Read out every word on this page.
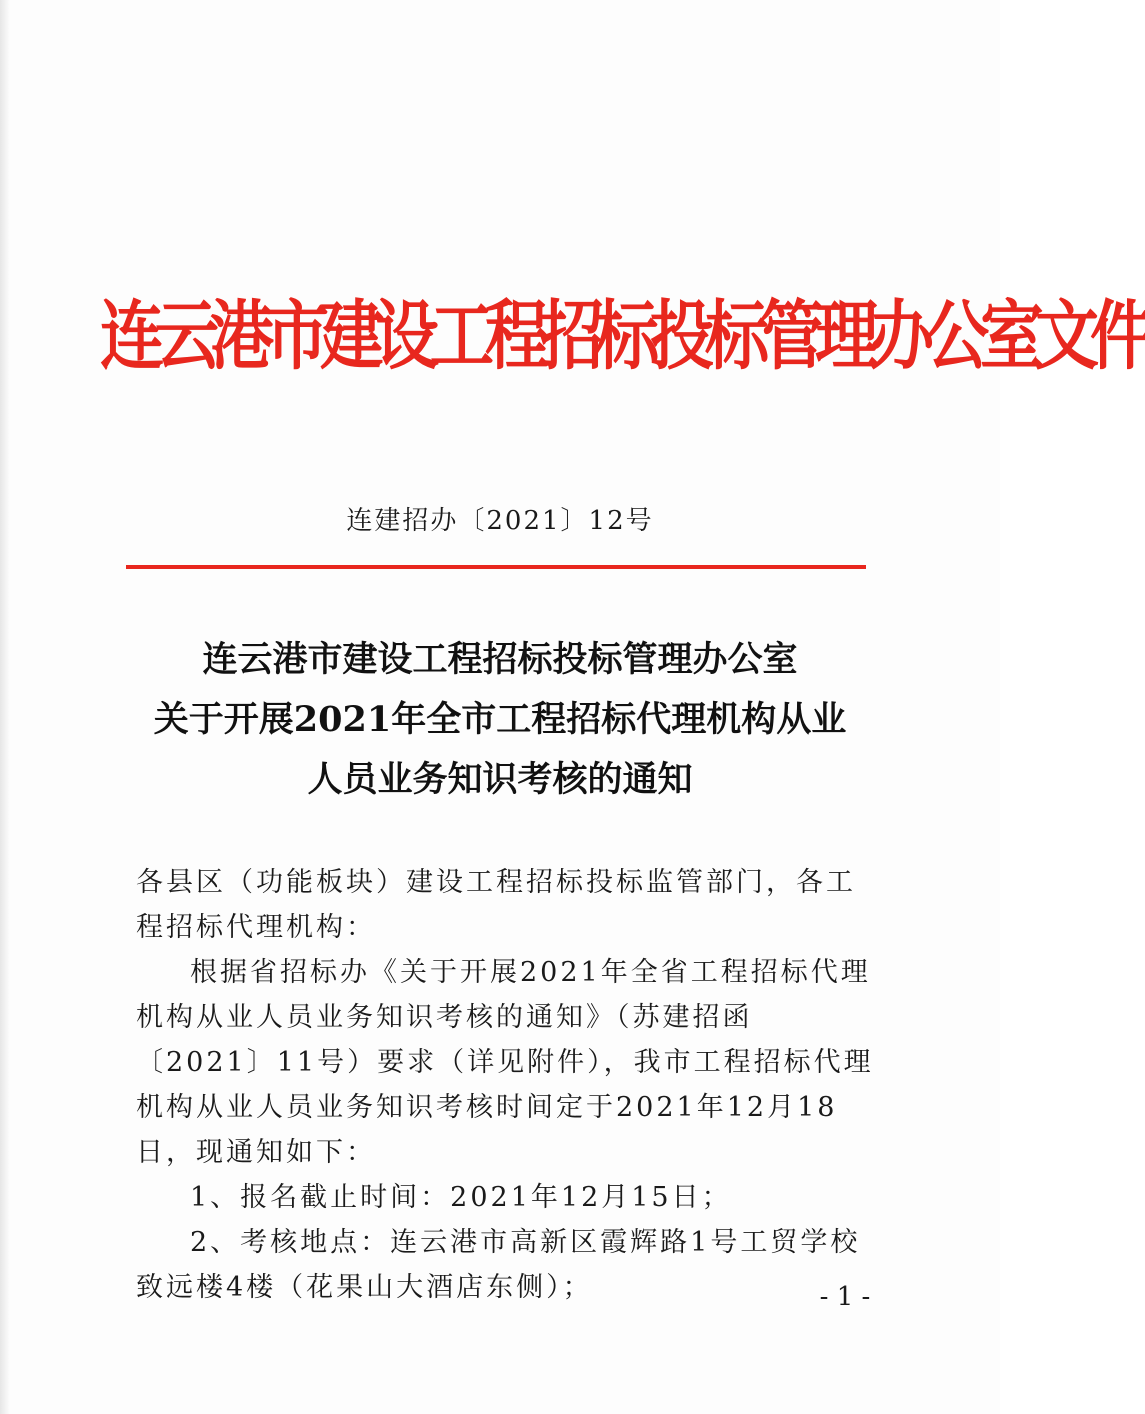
连云港市建设工程招标投标管理办公室文件
连建招办〔2021〕12号
连云港市建设工程招标投标管理办公室
关于开展2021年全市工程招标代理机构从业
人员业务知识考核的通知

各县区（功能板块）建设工程招标投标监管部门，各工程招标代理机构：

根据省招标办《关于开展2021年全省工程招标代理机构从业人员业务知识考核的通知》（苏建招函〔2021〕11号）要求（详见附件），我市工程招标代理机构从业人员业务知识考核时间定于2021年12月18日，现通知如下：

1、报名截止时间：2021年12月15日；

2、考核地点：连云港市高新区霞辉路1号工贸学校致远楼4楼（花果山大酒店东侧）；	- 1 -
